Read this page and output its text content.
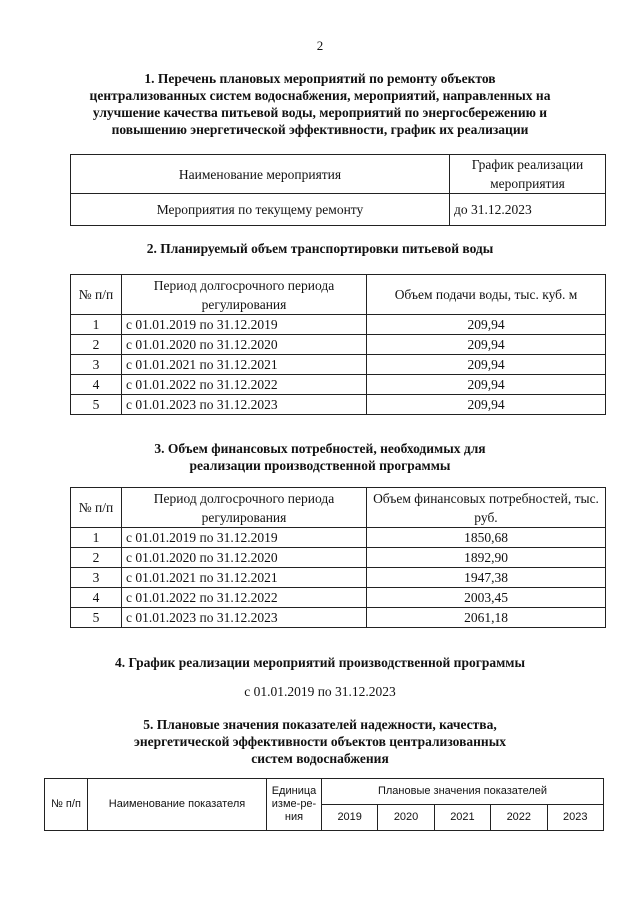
2
1. Перечень плановых мероприятий по ремонту объектов
централизованных систем водоснабжения, мероприятий, направленных на
улучшение качества питьевой воды, мероприятий по энергосбережению и
повышению энергетической эффективности, график их реализации
Наименование мероприятия	График реализации мероприятия
Мероприятия по текущему ремонту	до 31.12.2023
2. Планируемый объем транспортировки питьевой воды
№ п/п	Период долгосрочного периода регулирования	Объем подачи воды, тыс. куб. м
1	с 01.01.2019 по 31.12.2019	209,94
2	с 01.01.2020 по 31.12.2020	209,94
3	с 01.01.2021 по 31.12.2021	209,94
4	с 01.01.2022 по 31.12.2022	209,94
5	с 01.01.2023 по 31.12.2023	209,94
3. Объем финансовых потребностей, необходимых для
реализации производственной программы
№ п/п	Период долгосрочного периода регулирования	Объем финансовых потребностей, тыс. руб.
1	с 01.01.2019 по 31.12.2019	1850,68
2	с 01.01.2020 по 31.12.2020	1892,90
3	с 01.01.2021 по 31.12.2021	1947,38
4	с 01.01.2022 по 31.12.2022	2003,45
5	с 01.01.2023 по 31.12.2023	2061,18
4. График реализации мероприятий производственной программы
с 01.01.2019 по 31.12.2023
5. Плановые значения показателей надежности, качества,
энергетической эффективности объектов централизованных
систем водоснабжения
№ п/п	Наименование показателя	Единица изме-ре-ния	Плановые значения показателей				
			2019	2020	2021	2022	2023
